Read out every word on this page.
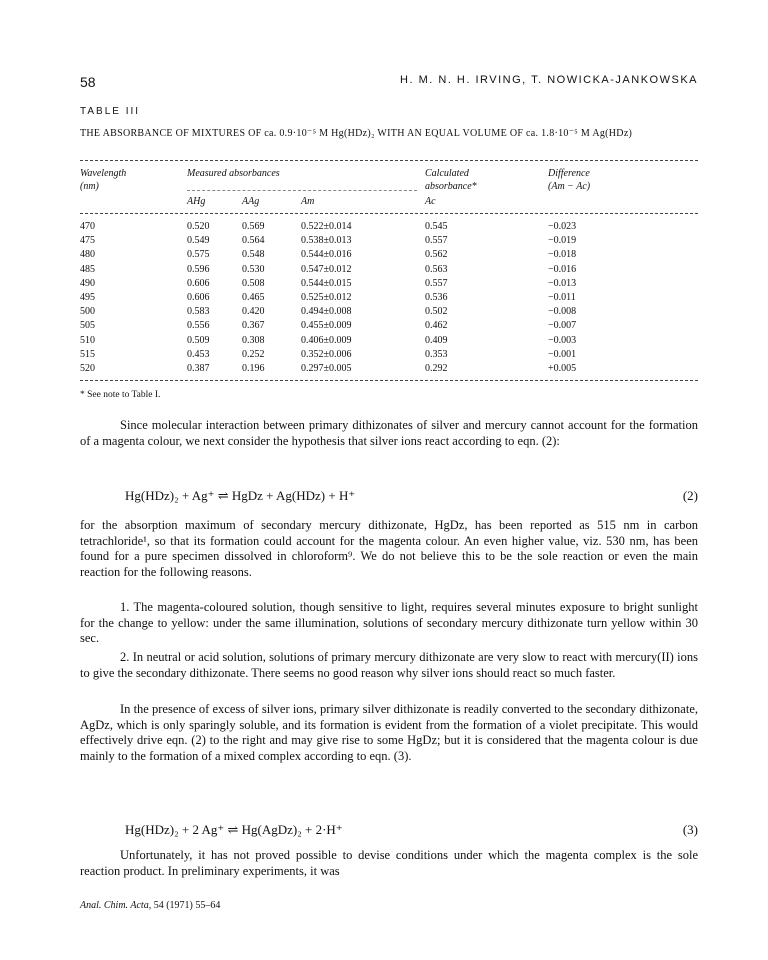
58	H. M. N. H. IRVING, T. NOWICKA-JANKOWSKA
TABLE III
THE ABSORBANCE OF MIXTURES OF ca. 0.9·10⁻⁵ M Hg(HDz)₂ WITH AN EQUAL VOLUME OF ca. 1.8·10⁻⁵ M Ag(HDz)
Wavelength
(nm)
Measured absorbances	Calculated
absorbance*
Difference
(Am − Ac)
AHg	AAg	Am	Ac
470	0.520	0.569	0.522±0.014	0.545	−0.023
475	0.549	0.564	0.538±0.013	0.557	−0.019
480	0.575	0.548	0.544±0.016	0.562	−0.018
485	0.596	0.530	0.547±0.012	0.563	−0.016
490	0.606	0.508	0.544±0.015	0.557	−0.013
495	0.606	0.465	0.525±0.012	0.536	−0.011
500	0.583	0.420	0.494±0.008	0.502	−0.008
505	0.556	0.367	0.455±0.009	0.462	−0.007
510	0.509	0.308	0.406±0.009	0.409	−0.003
515	0.453	0.252	0.352±0.006	0.353	−0.001
520	0.387	0.196	0.297±0.005	0.292	+0.005
* See note to Table I.

Since molecular interaction between primary dithizonates of silver and mercury cannot account for the formation of a magenta colour, we next consider the hypothesis that silver ions react according to eqn. (2):

Hg(HDz)₂ + Ag⁺ ⇌ HgDz + Ag(HDz) + H⁺	(2)

for the absorption maximum of secondary mercury dithizonate, HgDz, has been reported as 515 nm in carbon tetrachloride¹, so that its formation could account for the magenta colour. An even higher value, viz. 530 nm, has been found for a pure specimen dissolved in chloroform⁹. We do not believe this to be the sole reaction or even the main reaction for the following reasons.

1. The magenta-coloured solution, though sensitive to light, requires several minutes exposure to bright sunlight for the change to yellow: under the same illumination, solutions of secondary mercury dithizonate turn yellow within 30 sec.

2. In neutral or acid solution, solutions of primary mercury dithizonate are very slow to react with mercury(II) ions to give the secondary dithizonate. There seems no good reason why silver ions should react so much faster.

In the presence of excess of silver ions, primary silver dithizonate is readily converted to the secondary dithizonate, AgDz, which is only sparingly soluble, and its formation is evident from the formation of a violet precipitate. This would effectively drive eqn. (2) to the right and may give rise to some HgDz; but it is considered that the magenta colour is due mainly to the formation of a mixed complex according to eqn. (3).

Hg(HDz)₂ + 2 Ag⁺ ⇌ Hg(AgDz)₂ + 2·H⁺	(3)

Unfortunately, it has not proved possible to devise conditions under which the magenta complex is the sole reaction product. In preliminary experiments, it was

Anal. Chim. Acta, 54 (1971) 55–64
